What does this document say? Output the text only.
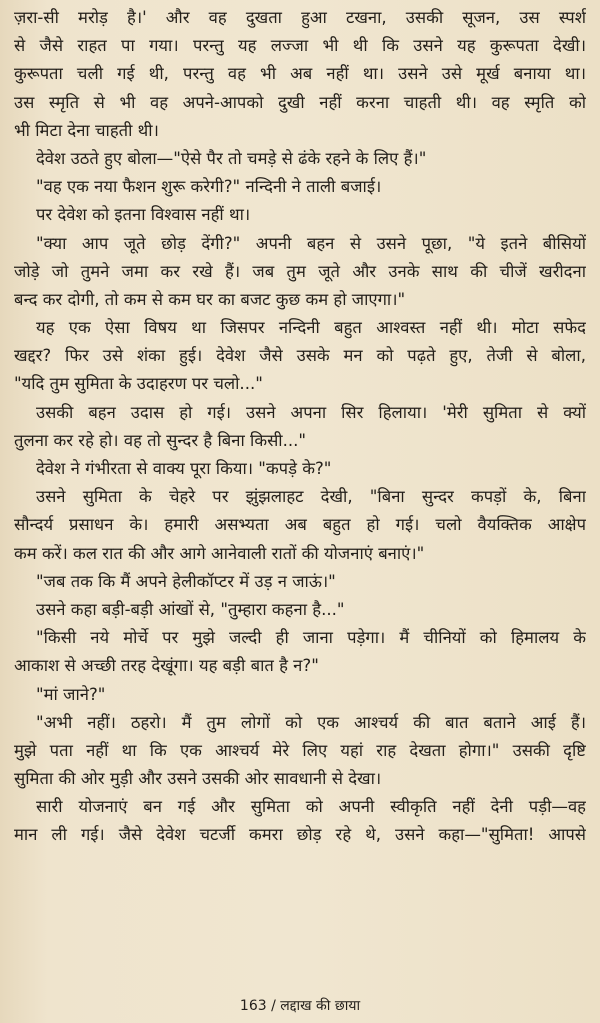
ज़रा-सी मरोड़ है।' और वह दुखता हुआ टखना, उसकी सूजन, उस स्पर्श
से जैसे राहत पा गया। परन्तु यह लज्जा भी थी कि उसने यह कुरूपता देखी।
कुरूपता चली गई थी, परन्तु वह भी अब नहीं था। उसने उसे मूर्ख बनाया था।
उस स्मृति से भी वह अपने-आपको दुखी नहीं करना चाहती थी। वह स्मृति को
भी मिटा देना चाहती थी।
देवेश उठते हुए बोला—"ऐसे पैर तो चमड़े से ढंके रहने के लिए हैं।"
"वह एक नया फैशन शुरू करेगी?" नन्दिनी ने ताली बजाई।
पर देवेश को इतना विश्वास नहीं था।
"क्या आप जूते छोड़ देंगी?" अपनी बहन से उसने पूछा, "ये इतने बीसियों
जोड़े जो तुमने जमा कर रखे हैं। जब तुम जूते और उनके साथ की चीजें खरीदना
बन्द कर दोगी, तो कम से कम घर का बजट कुछ कम हो जाएगा।"
यह एक ऐसा विषय था जिसपर नन्दिनी बहुत आश्वस्त नहीं थी। मोटा सफेद
खद्दर? फिर उसे शंका हुई। देवेश जैसे उसके मन को पढ़ते हुए, तेजी से बोला,
"यदि तुम सुमिता के उदाहरण पर चलो..."
उसकी बहन उदास हो गई। उसने अपना सिर हिलाया। 'मेरी सुमिता से क्यों
तुलना कर रहे हो। वह तो सुन्दर है बिना किसी..."
देवेश ने गंभीरता से वाक्य पूरा किया। "कपड़े के?"
उसने सुमिता के चेहरे पर झुंझलाहट देखी, "बिना सुन्दर कपड़ों के, बिना
सौन्दर्य प्रसाधन के। हमारी असभ्यता अब बहुत हो गई। चलो वैयक्तिक आक्षेप
कम करें। कल रात की और आगे आनेवाली रातों की योजनाएं बनाएं।"
"जब तक कि मैं अपने हेलीकॉप्टर में उड़ न जाऊं।"
उसने कहा बड़ी-बड़ी आंखों से, "तुम्हारा कहना है..."
"किसी नये मोर्चे पर मुझे जल्दी ही जाना पड़ेगा। मैं चीनियों को हिमालय के
आकाश से अच्छी तरह देखूंगा। यह बड़ी बात है न?"
"मां जाने?"
"अभी नहीं। ठहरो। मैं तुम लोगों को एक आश्चर्य की बात बताने आई हैं।
मुझे पता नहीं था कि एक आश्चर्य मेरे लिए यहां राह देखता होगा।" उसकी दृष्टि
सुमिता की ओर मुड़ी और उसने उसकी ओर सावधानी से देखा।
सारी योजनाएं बन गई और सुमिता को अपनी स्वीकृति नहीं देनी पड़ी—वह
मान ली गई। जैसे देवेश चटर्जी कमरा छोड़ रहे थे, उसने कहा—"सुमिता! आपसे
163 / लद्दाख की छाया
